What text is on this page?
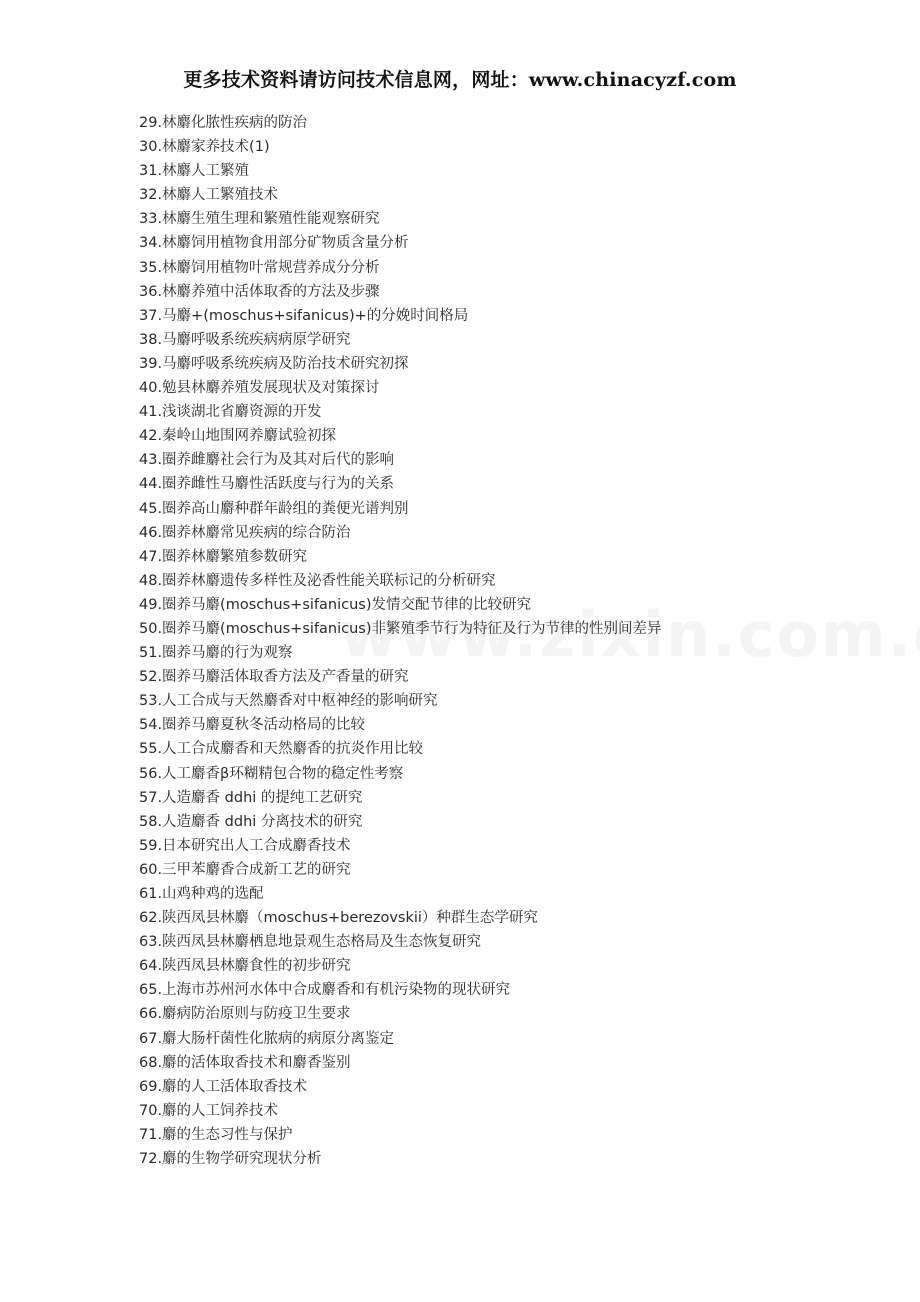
更多技术资料请访问技术信息网，网址：www.chinacyzf.com
29.林麝化脓性疾病的防治
30.林麝家养技术(1)
31.林麝人工繁殖
32.林麝人工繁殖技术
33.林麝生殖生理和繁殖性能观察研究
34.林麝饲用植物食用部分矿物质含量分析
35.林麝饲用植物叶常规营养成分分析
36.林麝养殖中活体取香的方法及步骤
37.马麝+(moschus+sifanicus)+的分娩时间格局
38.马麝呼吸系统疾病病原学研究
39.马麝呼吸系统疾病及防治技术研究初探
40.勉县林麝养殖发展现状及对策探讨
41.浅谈湖北省麝资源的开发
42.秦岭山地围网养麝试验初探
43.圈养雌麝社会行为及其对后代的影响
44.圈养雌性马麝性活跃度与行为的关系
45.圈养高山麝种群年龄组的粪便光谱判别
46.圈养林麝常见疾病的综合防治
47.圈养林麝繁殖参数研究
48.圈养林麝遗传多样性及泌香性能关联标记的分析研究
49.圈养马麝(moschus+sifanicus)发情交配节律的比较研究
50.圈养马麝(moschus+sifanicus)非繁殖季节行为特征及行为节律的性别间差异
51.圈养马麝的行为观察
52.圈养马麝活体取香方法及产香量的研究
53.人工合成与天然麝香对中枢神经的影响研究
54.圈养马麝夏秋冬活动格局的比较
55.人工合成麝香和天然麝香的抗炎作用比较
56.人工麝香β环糊精包合物的稳定性考察
57.人造麝香 ddhi 的提纯工艺研究
58.人造麝香 ddhi 分离技术的研究
59.日本研究出人工合成麝香技术
60.三甲苯麝香合成新工艺的研究
61.山鸡种鸡的选配
62.陕西凤县林麝（moschus+berezovskii）种群生态学研究
63.陕西凤县林麝栖息地景观生态格局及生态恢复研究
64.陕西凤县林麝食性的初步研究
65.上海市苏州河水体中合成麝香和有机污染物的现状研究
66.麝病防治原则与防疫卫生要求
67.麝大肠杆菌性化脓病的病原分离鉴定
68.麝的活体取香技术和麝香鉴别
69.麝的人工活体取香技术
70.麝的人工饲养技术
71.麝的生态习性与保护
72.麝的生物学研究现状分析
